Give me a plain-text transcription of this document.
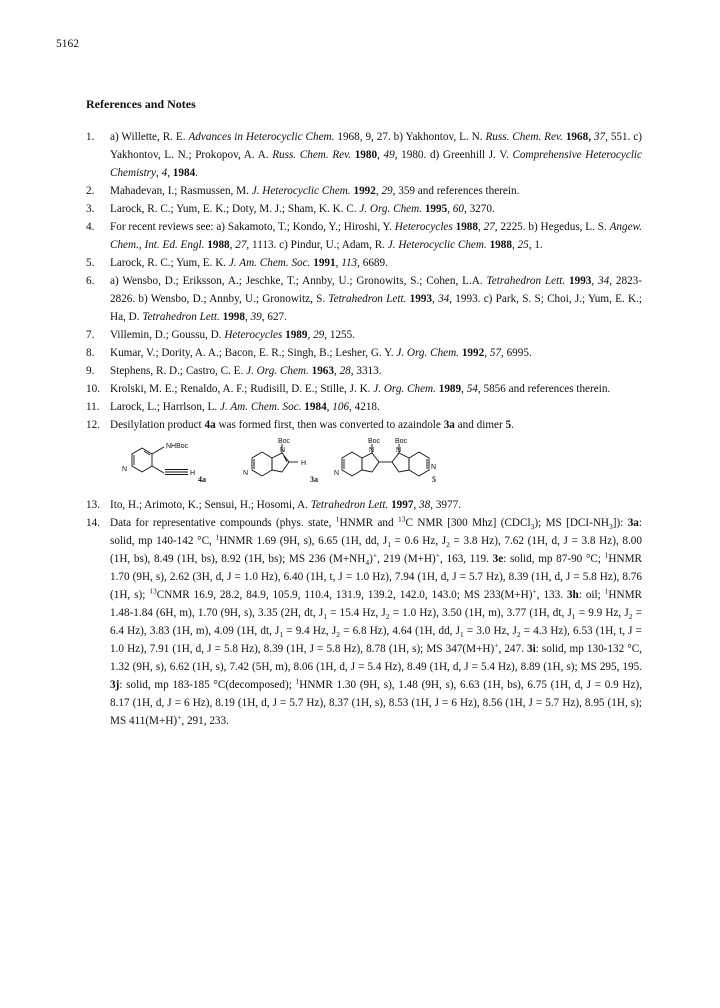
5162
References and Notes
1. a) Willette, R. E. Advances in Heterocyclic Chem. 1968, 9, 27. b) Yakhontov, L. N. Russ. Chem. Rev. 1968, 37, 551. c) Yakhontov, L. N.; Prokopov, A. A. Russ. Chem. Rev. 1980, 49, 1980. d) Greenhill J. V. Comprehensive Heterocyclic Chemistry, 4, 1984.
2. Mahadevan, I.; Rasmussen, M. J. Heterocyclic Chem. 1992, 29, 359 and references therein.
3. Larock, R. C.; Yum, E. K.; Doty, M. J.; Sham, K. K. C. J. Org. Chem. 1995, 60, 3270.
4. For recent reviews see: a) Sakamoto, T.; Kondo, Y.; Hiroshi, Y. Heterocycles 1988, 27, 2225. b) Hegedus, L. S. Angew. Chem., Int. Ed. Engl. 1988, 27, 1113. c) Pindur, U.; Adam, R. J. Heterocyclic Chem. 1988, 25, 1.
5. Larock, R. C.; Yum, E. K. J. Am. Chem. Soc. 1991, 113, 6689.
6. a) Wensbo, D.; Eriksson, A.; Jeschke, T.; Annby, U.; Gronowits, S.; Cohen, L.A. Tetrahedron Lett. 1993, 34, 2823-2826. b) Wensbo, D.; Annby, U.; Gronowitz, S. Tetrahedron Lett. 1993, 34, 1993. c) Park, S. S; Choi, J.; Yum, E. K.; Ha, D. Tetrahedron Lett. 1998, 39, 627.
7. Villemin, D.; Goussu, D. Heterocycles 1989, 29, 1255.
8. Kumar, V.; Dority, A. A.; Bacon, E. R.; Singh, B.; Lesher, G. Y. J. Org. Chem. 1992, 57, 6995.
9. Stephens, R. D.; Castro, C. E. J. Org. Chem. 1963, 28, 3313.
10. Krolski, M. E.; Renaldo, A. F.; Rudisill, D. E.; Stille, J. K. J. Org. Chem. 1989, 54, 5856 and references therein.
11. Larock, L.; Harrlson, L. J. Am. Chem. Soc. 1984, 106, 4218.
12. Desilylation product 4a was formed first, then was converted to azaindole 3a and dimer 5.
NHBoc
N
H
4a
Boc
N
H
N
3a
Boc Boc
N	N
N
N
5
13. Ito, H.; Arimoto, K.; Sensui, H.; Hosomi, A. Tetrahedron Lett. 1997, 38, 3977.
14. Data for representative compounds (phys. state, $^1$HNMR and $^{13}$C NMR [300 Mhz] (CDCl$_3$); MS $[DCI-NH_3]$): 3a: solid, mp 140-142 °C, $^1$HNMR 1.69 (9H, s), 6.65 (1H, dd, $J_1 = 0.6$ Hz, $J_2 = 3.8$ Hz), 7.62 (1H, d, J = 3.8 Hz), 8.00 (1H, bs), 8.49 (1H, bs), 8.92 (1H, bs); MS 236 $(M+NH_4)^+$, 219 (M+H)+, 163, 119. 3e: solid, mp 87-90 °C; $^1$HNMR 1.70 (9H, s), 2.62 (3H, d, J = 1.0 Hz), 6.40 (1H, t, J = 1.0 Hz), 7.94 (1H, d, J = 5.7 Hz), 8.39 (1H, d, J = 5.8 Hz), 8.76 (1H, s); $^{13}$CNMR 16.9, 28.2, 84.9, 105.9, 110.4, 131.9, 139.2, 142.0, 143.0; MS 233(M+H)+, 133. 3h: oil; $^1$HNMR 1.48-1.84 (6H, m), 1.70 (9H, s), 3.35 (2H, dt, $J_1 = 15.4$ Hz, $J_2 = 1.0$ Hz), 3.50 (1H, m), 3.77 (1H, dt, $J_1 = 9.9$ Hz, $J_2 = 6.4$ Hz), 3.83 (1H, m), 4.09 (1H, dt, $J_1 = 9.4$ Hz, $J_2 = 6.8$ Hz), 4.64 (1H, dd, $J_1 = 3.0$ Hz, $J_2 = 4.3$ Hz), 6.53 (1H, t, J = 1.0 Hz), 7.91 (1H, d, J = 5.8 Hz), 8.39 (1H, J = 5.8 Hz), 8.78 (1H, s); MS 347(M+H)+, 247. 3i: solid, mp 130-132 °C, 1.32 (9H, s), 6.62 (1H, s), 7.42 (5H, m), 8.06 (1H, d, J = 5.4 Hz), 8.49 (1H, d, J = 5.4 Hz), 8.89 (1H, s); MS 295, 195. 3j: solid, mp 183-185 °C(decomposed); $^1$HNMR 1.30 (9H, s), 1.48 (9H, s), 6.63 (1H, bs), 6.75 (1H, d, J = 0.9 Hz), 8.17 (1H, d, J = 6 Hz), 8.19 (1H, d, J = 5.7 Hz), 8.37 (1H, s), 8.53 (1H, J = 6 Hz), 8.56 (1H, J = 5.7 Hz), 8.95 (1H, s); MS 411(M+H)+, 291, 233.
